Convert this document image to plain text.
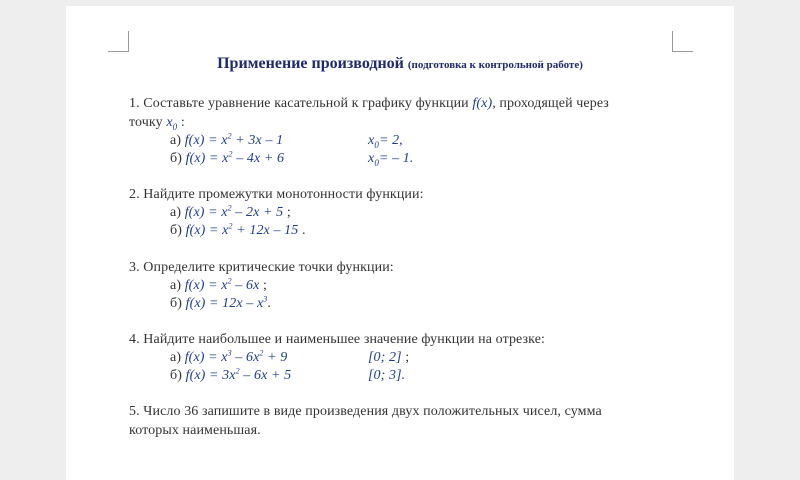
Применение производной (подготовка к контрольной работе)
1. Составьте уравнение касательной к графику функции f(x), проходящей через
точку $x_0$ :
а) $f(x) = x^2 + 3x - 1$	$x_0= 2$,
б) $f(x) = x^2 - 4x + 6$	$x_0= - 1$.
2. Найдите промежутки монотонности функции:
а) $f(x) = x^2 - 2x + 5$ ;
б) $f(x) = x^2 + 12x - 15$ .
3. Определите критические точки функции:
а) $f(x) = x^2 - 6x$ ;
б) $f(x) = 12x - x^3$.
4. Найдите наибольшее и наименьшее значение функции на отрезке:
а) $f(x) = x^3 - 6x^2 + 9$	[0; 2] ;
б) $f(x) = 3x^2 - 6x + 5$	[0; 3].
5. Число 36 запишите в виде произведения двух положительных чисел, сумма
которых наименьшая.
